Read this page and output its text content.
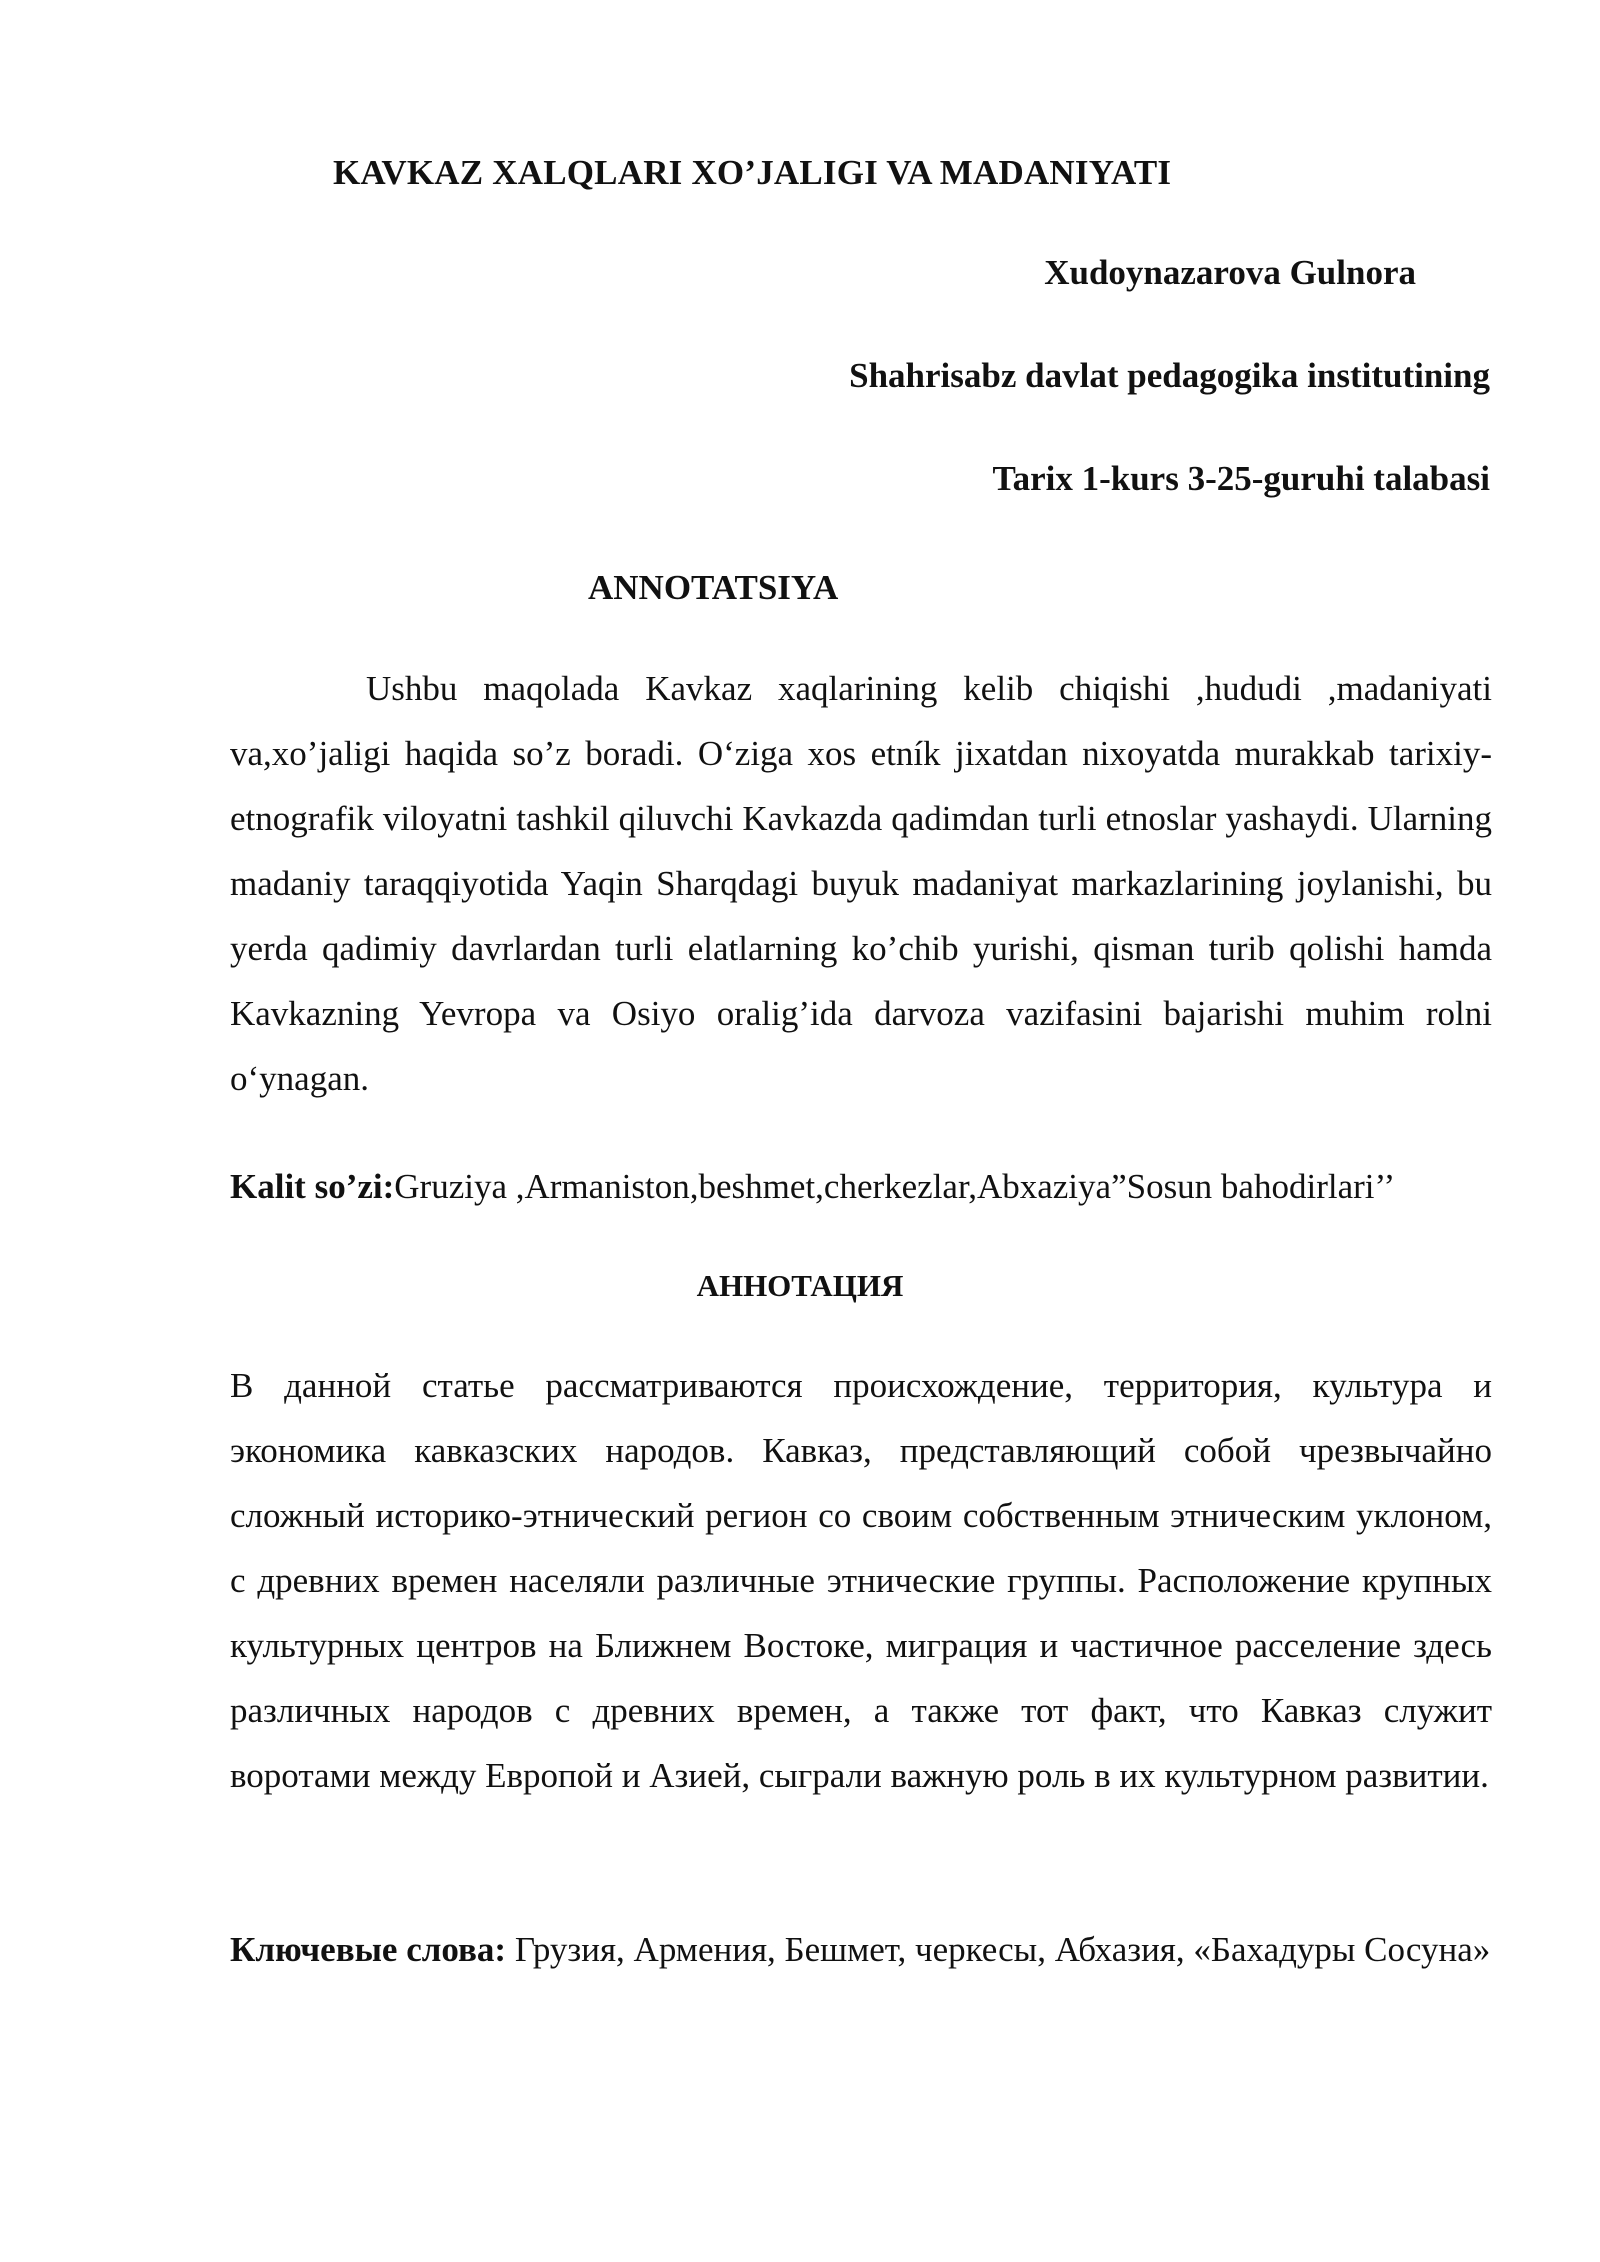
KAVKAZ XALQLARI XO’JALIGI VA MADANIYATI
Xudoynazarova Gulnora
Shahrisabz davlat pedagogika institutining
Tarix 1-kurs 3-25-guruhi talabasi
ANNOTATSIYA

Ushbu maqolada Kavkaz xaqlarining kelib chiqishi ,hududi ,madaniyati va,xo’jaligi haqida so’z boradi. O‘ziga xos etník jixatdan nixoyatda murakkab tarixiy-etnografik viloyatni tashkil qiluvchi Kavkazda qadimdan turli etnoslar yashaydi. Ularning madaniy taraqqiyotida Yaqin Sharqdagi buyuk madaniyat markazlarining joylanishi, bu yerda qadimiy davrlardan turli elatlarning ko’chib yurishi, qisman turib qolishi hamda Kavkazning Yevropa va Osiyo oralig’ida darvoza vazifasini bajarishi muhim rolni o‘ynagan.

Kalit so’zi:Gruziya ,Armaniston,beshmet,cherkezlar,Abxaziya”Sosun bahodirlari’’

АННОТАЦИЯ

В данной статье рассматриваются происхождение, территория, культура и экономика кавказских народов. Кавказ, представляющий собой чрезвычайно сложный историко-этнический регион со своим собственным этническим уклоном, с древних времен населяли различные этнические группы. Расположение крупных культурных центров на Ближнем Востоке, миграция и частичное расселение здесь различных народов с древних времен, а также тот факт, что Кавказ служит воротами между Европой и Азией, сыграли важную роль в их культурном развитии.

Ключевые слова: Грузия, Армения, Бешмет, черкесы, Абхазия, «Бахадуры Сосуна»
